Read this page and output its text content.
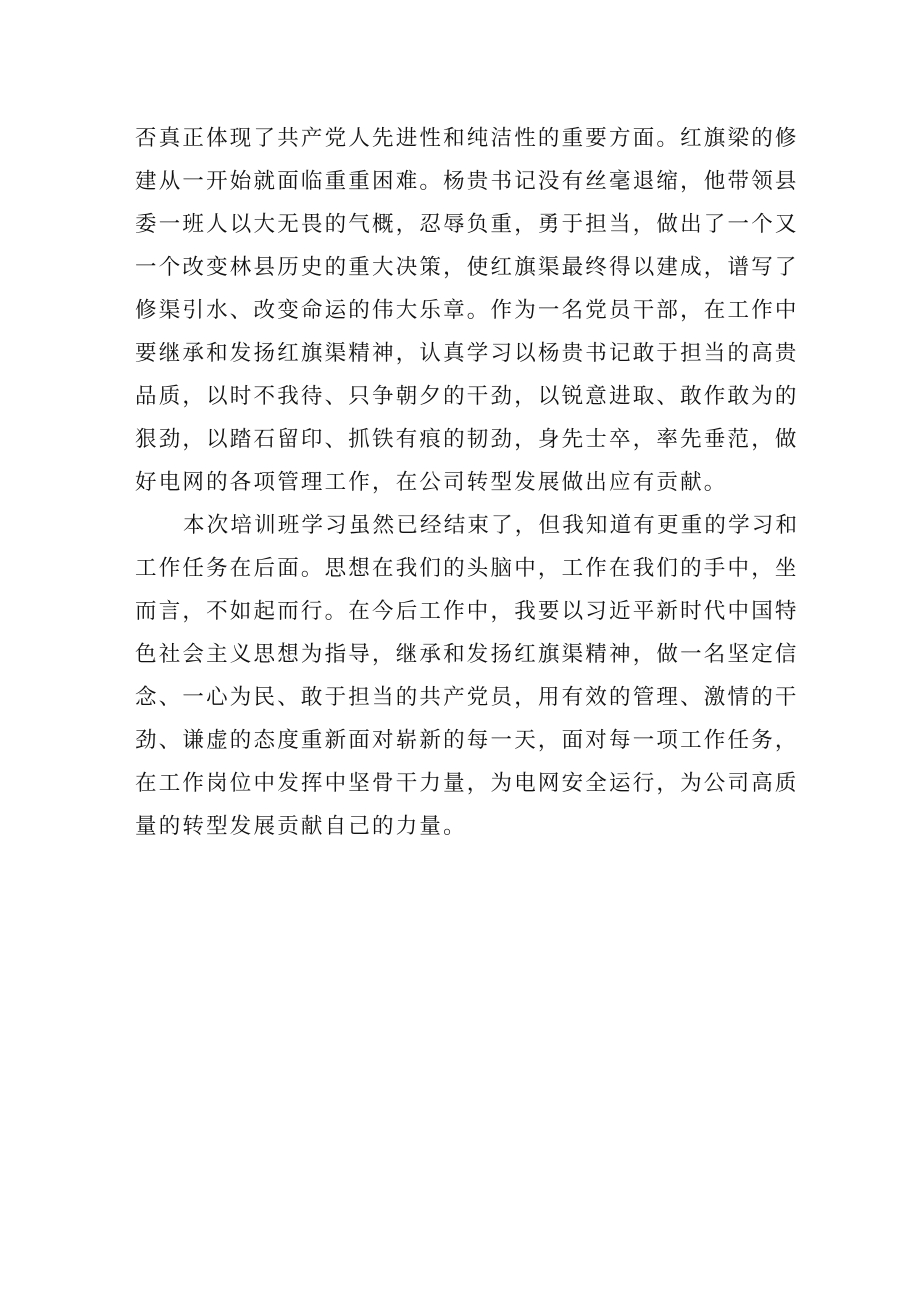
否真正体现了共产党人先进性和纯洁性的重要方面。红旗梁的修
建从一开始就面临重重困难。杨贵书记没有丝毫退缩，他带领县
委一班人以大无畏的气概，忍辱负重，勇于担当，做出了一个又
一个改变林县历史的重大决策，使红旗渠最终得以建成，谱写了
修渠引水、改变命运的伟大乐章。作为一名党员干部，在工作中
要继承和发扬红旗渠精神，认真学习以杨贵书记敢于担当的高贵
品质，以时不我待、只争朝夕的干劲，以锐意进取、敢作敢为的
狠劲，以踏石留印、抓铁有痕的韧劲，身先士卒，率先垂范，做
好电网的各项管理工作，在公司转型发展做出应有贡献。
本次培训班学习虽然已经结束了，但我知道有更重的学习和
工作任务在后面。思想在我们的头脑中，工作在我们的手中，坐
而言，不如起而行。在今后工作中，我要以习近平新时代中国特
色社会主义思想为指导，继承和发扬红旗渠精神，做一名坚定信
念、一心为民、敢于担当的共产党员，用有效的管理、激情的干
劲、谦虚的态度重新面对崭新的每一天，面对每一项工作任务，
在工作岗位中发挥中坚骨干力量，为电网安全运行，为公司高质
量的转型发展贡献自己的力量。
